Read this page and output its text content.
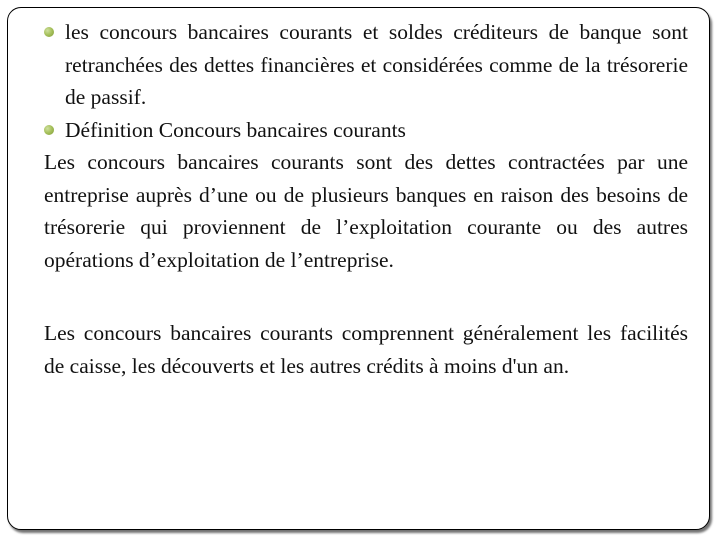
les concours bancaires courants et soldes créditeurs de banque sont retranchées des dettes financières et considérées comme de la trésorerie de passif.
Définition Concours bancaires courants

Les concours bancaires courants sont des dettes contractées par une entreprise auprès d’une ou de plusieurs banques en raison des besoins de trésorerie qui proviennent de l’exploitation courante ou des autres opérations d’exploitation de l’entreprise.

Les concours bancaires courants comprennent généralement les facilités de caisse, les découverts et les autres crédits à moins d'un an.
